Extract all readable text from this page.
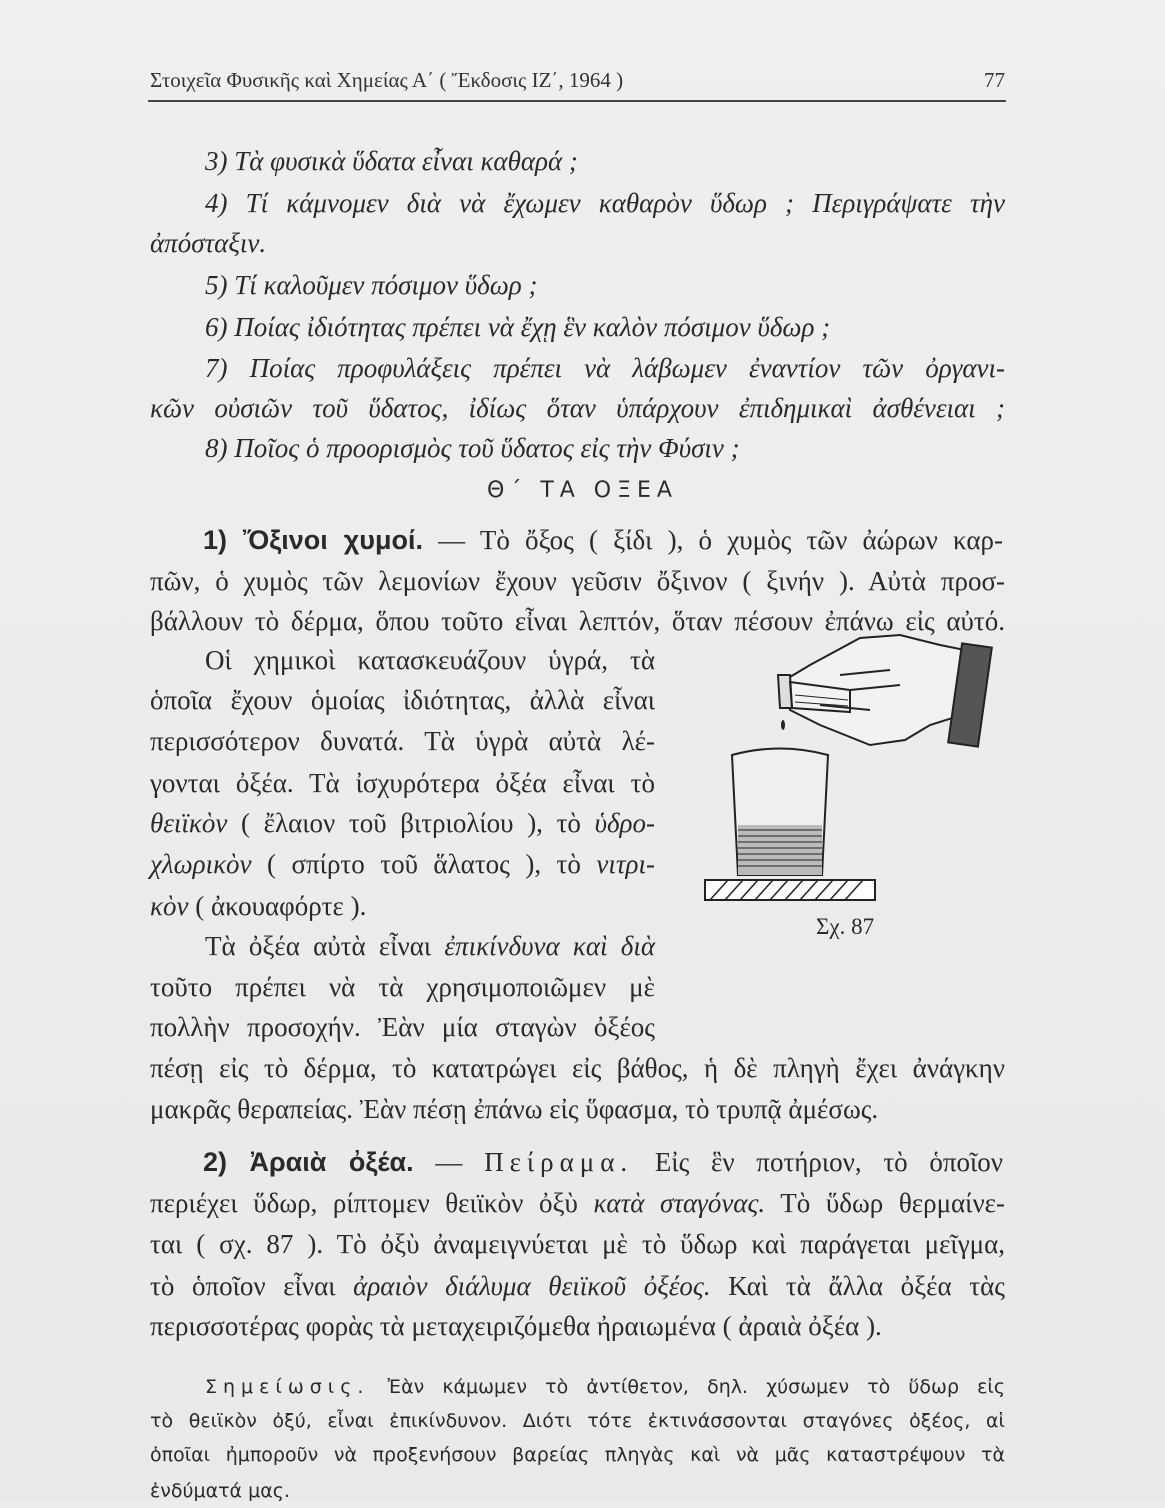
Στοιχεῖα Φυσικῆς καὶ Χημείας Α΄ ( Ἔκδοσις ΙΖ΄, 1964 )	77
Θ΄ ΤΑ ΟΞΕΑ
3) Τὰ φυσικὰ ὕδατα εἶναι καθαρά ;
4) Τί κάμνομεν διὰ νὰ ἔχωμεν καθαρὸν ὕδωρ ; Περιγράψατε τὴν
ἀπόσταξιν.
5) Τί καλοῦμεν πόσιμον ὕδωρ ;
6) Ποίας ἰδιότητας πρέπει νὰ ἔχῃ ἓν καλὸν πόσιμον ὕδωρ ;
7) Ποίας προφυλάξεις πρέπει νὰ λάβωμεν ἐναντίον τῶν ὀργανι-
κῶν οὐσιῶν τοῦ ὕδατος, ἰδίως ὅταν ὑπάρχουν ἐπιδημικαὶ ἀσθένειαι ;
8) Ποῖος ὁ προορισμὸς τοῦ ὕδατος εἰς τὴν Φύσιν ;
1) Ὄξινοι χυμοί. — Τὸ ὄξος ( ξίδι ), ὁ χυμὸς τῶν ἀώρων καρ-
πῶν, ὁ χυμὸς τῶν λεμονίων ἔχουν γεῦσιν ὄξινον ( ξινήν ). Αὐτὰ προσ-
βάλλουν τὸ δέρμα, ὅπου τοῦτο εἶναι λεπτόν, ὅταν πέσουν ἐπάνω εἰς αὐτό.
Οἱ χημικοὶ κατασκευάζουν ὑγρά, τὰ
ὁποῖα ἔχουν ὁμοίας ἰδιότητας, ἀλλὰ εἶναι
περισσότερον δυνατά. Τὰ ὑγρὰ αὐτὰ λέ-
γονται ὀξέα. Τὰ ἰσχυρότερα ὀξέα εἶναι τὸ
θειϊκὸν ( ἔλαιον τοῦ βιτριολίου ), τὸ ὑδρο-
χλωρικὸν ( σπίρτο τοῦ ἅλατος ), τὸ νιτρι-
κὸν ( ἀκουαφόρτε ).
Τὰ ὀξέα αὐτὰ εἶναι ἐπικίνδυνα καὶ διὰ
τοῦτο πρέπει νὰ τὰ χρησιμοποιῶμεν μὲ
πολλὴν προσοχήν. Ἐὰν μία σταγὼν ὀξέος
πέσῃ εἰς τὸ δέρμα, τὸ κατατρώγει εἰς βάθος, ἡ δὲ πληγὴ ἔχει ἀνάγκην
μακρᾶς θεραπείας. Ἐὰν πέσῃ ἐπάνω εἰς ὕφασμα, τὸ τρυπᾷ ἀμέσως.
2) Ἀραιὰ ὀξέα. — Πείραμα. Εἰς ἓν ποτήριον, τὸ ὁποῖον
περιέχει ὕδωρ, ρίπτομεν θειϊκὸν ὀξὺ κατὰ σταγόνας. Τὸ ὕδωρ θερμαίνε-
ται ( σχ. 87 ). Τὸ ὀξὺ ἀναμειγνύεται μὲ τὸ ὕδωρ καὶ παράγεται μεῖγμα,
τὸ ὁποῖον εἶναι ἀραιὸν διάλυμα θειϊκοῦ ὀξέος. Καὶ τὰ ἄλλα ὀξέα τὰς
περισσοτέρας φορὰς τὰ μεταχειριζόμεθα ἠραιωμένα ( ἀραιὰ ὀξέα ).
Σημείωσις. Ἐὰν κάμωμεν τὸ ἀντίθετον, δηλ. χύσωμεν τὸ ὕδωρ εἰς
τὸ θειϊκὸν ὀξύ, εἶναι ἐπικίνδυνον. Διότι τότε ἐκτινάσσονται σταγόνες ὀξέος, αἱ
ὁποῖαι ἠμποροῦν νὰ προξενήσουν βαρείας πληγὰς καὶ νὰ μᾶς καταστρέψουν τὰ
ἐνδύματά μας.
Σχ. 87
